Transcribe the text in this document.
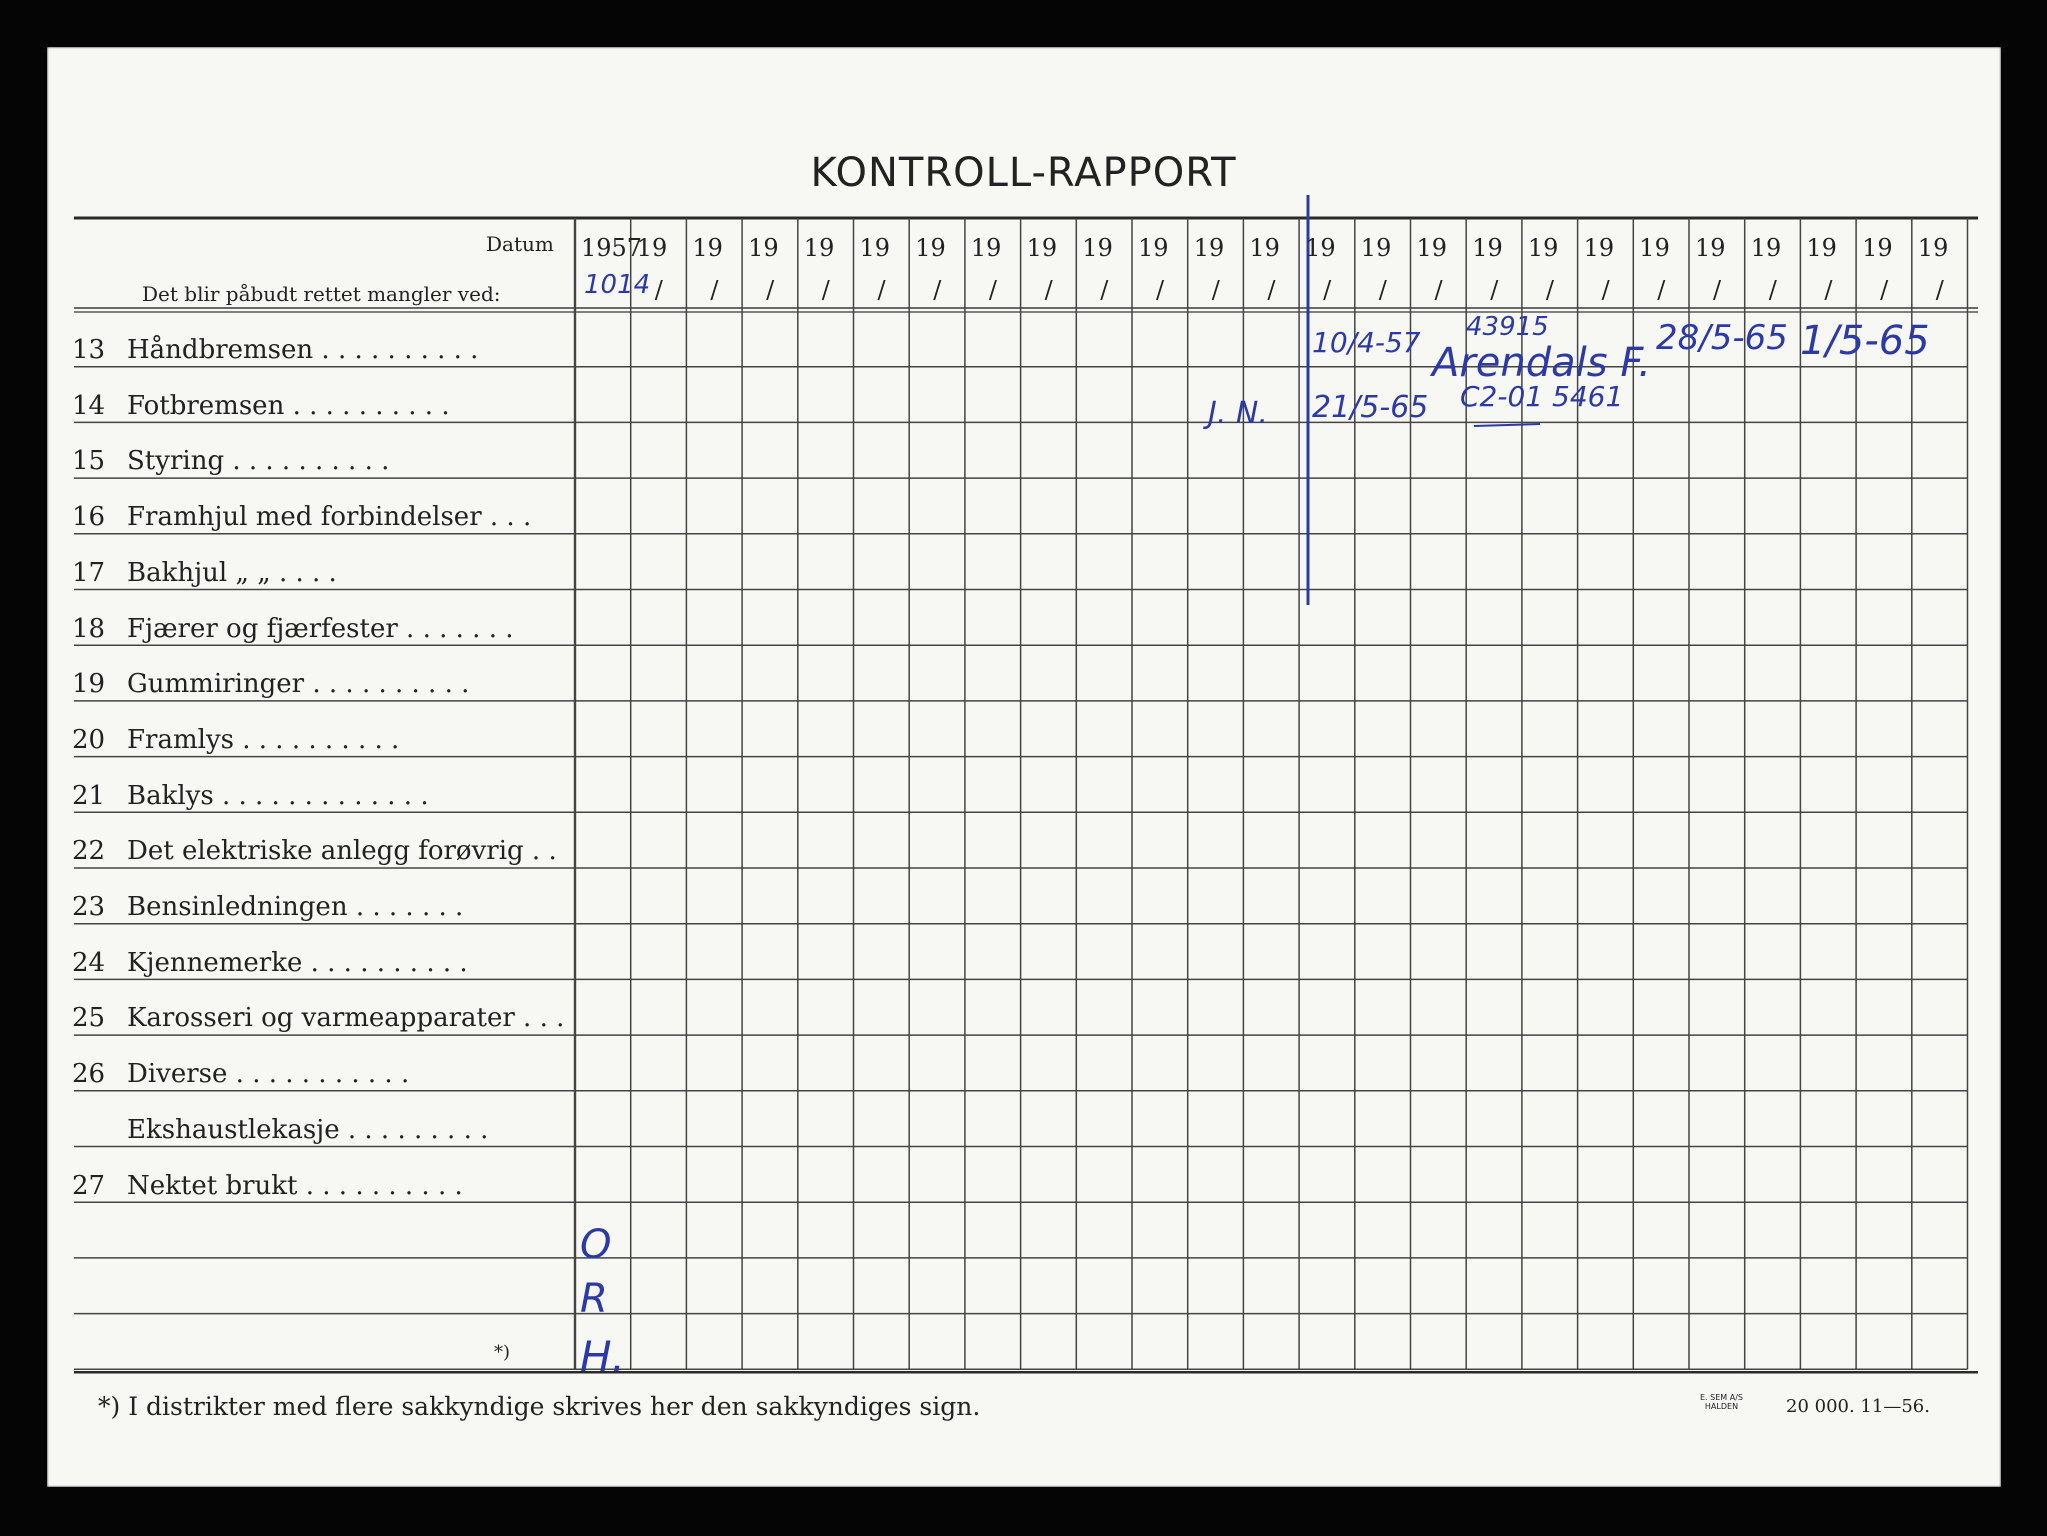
KONTROLL-RAPPORT
Datum
Det blir påbudt rettet mangler ved:
1957
19
/
19
/
19
/
19
/
19
/
19
/
19
/
19
/
19
/
19
/
19
/
19
/
19
/
19
/
19
/
19
/
19
/
19
/
19
/
19
/
19
/
19
/
19
/
19
/
13 Håndbremsen . . . . . . . . . .
14 Fotbremsen . . . . . . . . . .
15 Styring . . . . . . . . . .
16 Framhjul med forbindelser . . .
17 Bakhjul „ „ . . . .
18 Fjærer og fjærfester . . . . . . .
19 Gummiringer . . . . . . . . . .
20 Framlys . . . . . . . . . .
21 Baklys . . . . . . . . . . . . .
22 Det elektriske anlegg forøvrig . .
23 Bensinledningen . . . . . . .
24 Kjennemerke . . . . . . . . . .
25 Karosseri og varmeapparater . . .
26 Diverse . . . . . . . . . . .
Ekshaustlekasje . . . . . . . . .
27 Nektet brukt . . . . . . . . . .
*)
*) I distrikter med flere sakkyndige skrives her den sakkyndiges sign.	E. SEM A/S
HALDEN	20 000. 11—56.
1014
O
R
H.
10/4-57 43915
Arendals F.
28/5-65 1/5-65
J. N. 21/5-65 C2-01 5461
